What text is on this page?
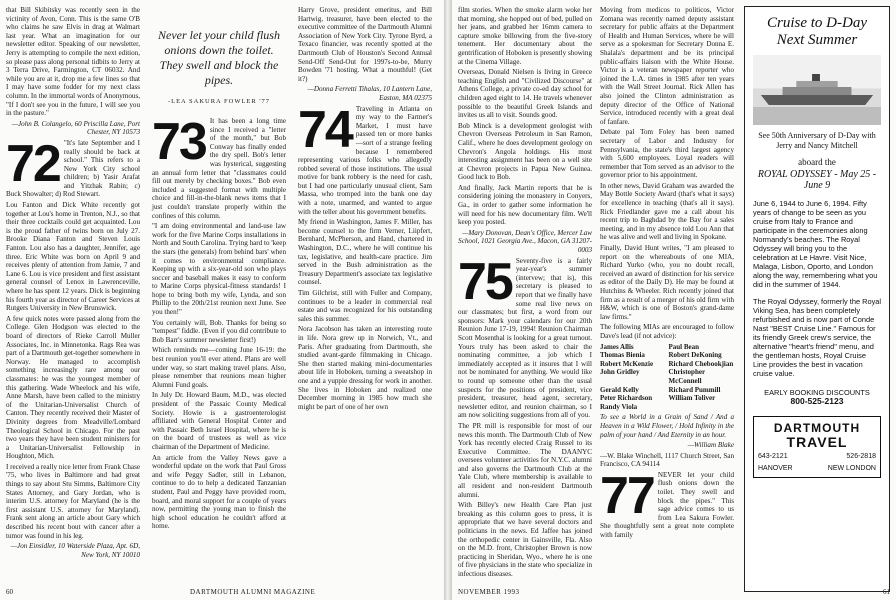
that Bill Skibitsky was recently seen in the victinity of Avon, Conn. This is the same O'B who claims he saw Elvis in drag at Walmart last year. What an imagination for our newsletter editor. Speaking of our newsletter, Jerry is attempting to compile the next edition, so please pass along personal tidbits to Jerry at 3 Terra Drive, Farmington, CT 06032. And while you are at it, drop me a few lines so that I may have some fodder for my next class column. In the immortal words of Anonymous, "If I don't see you in the future, I will see you in the pasture."

—John B. Colangelo, 60 Priscilla Lane, Port Chester, NY 10573

72 "It's late September and I really should be back at school." This refers to a New York City school children; b) Yasir Arafat and Yitzhak Rabin; c) Buck Showalter; d) Rod Stewart.

Lou Fanton and Dick White recently got together at Lou's home in Trenton, N.J., so that their three cocktails could get acquainted. Lou is the proud father of twins born on July 27. Brooke Diana Fanton and Steven Louis Fanton. Lou also has a daughter, Jennifer, age three. Eric White was born on April 9 and receives plenty of attention from Jamie, 7 and Lane 6. Lou is vice president and first assistant general counsel of Lenox in Lawrenceville, where he has spent 12 years. Dick is beginning his fourth year as director of Career Services at Rutgers University in New Brunswick.

A few quick notes were passed along from the College. Glen Hodgson was elected to the board of directors of Rieke Carroll Muller Associates, Inc. in Minnetonka. Rags Rea was part of a Dartmouth get-together somewhere in Norway. He managed to accomplish something increasingly rare among our classmates: he was the youngest member of this gathering. Wade Wheelock and his wife, Anne Marsh, have been called to the ministry of the Unitarian-Universalist Church of Canton. They recently received their Master of Divinity degrees from Meadville/Lombard Theological School in Chicago. For the past two years they have been student ministers for a Unitarian-Universalist Fellowship in Houghton, Mich.

I received a really nice letter from Frank Chase '75, who lives in Baltimore and had great things to say about Stu Simms, Baltimore City States Attorney, and Gary Jordan, who is interim U.S. attorney for Maryland (he is the first assistant U.S. attorney for Maryland). Frank sent along an article about Gary which described his recent bout with cancer after a tumor was found in his leg.

—Jon Einsidler, 10 Waterside Plaza, Apt. 6D, New York, NY 10010

Never let your child flush onions down the toilet. They swell and block the pipes.
-LEA SAKURA FOWLER '77
73 It has been a long time since I received a "letter of the month," but Bob Conway has finally ended the dry spell. Bob's letter was hysterical, suggesting an annual form letter that "classmates could fill out merely by checking boxes." Bob even included a suggested format with multiple choice and fill-in-the-blank news items that I just couldn't translate properly within the confines of this column.

"I am doing environmental and land-use law work for the five Marine Corps installations in North and South Carolina. Trying hard to 'keep the stars (the generals) from behind bars' when it comes to environmental compliance. Keeping up with a six-year-old son who plays soccer and baseball makes it easy to conform to Marine Corps physical-fitness standards! I hope to bring both my wife, Lynda, and son Phillip to the 20th/21st reunion next June. See you then!"

You certainly will, Bob. Thanks for being so "tempest" fiddle. (Even if you did contribute to Bob Barr's summer newsletter first!)

Which reminds me—coming June 16-19: the best reunion you'll ever attend. Plans are well under way, so start making travel plans. Also, please remember that reunions mean higher Alumni Fund goals.

In July Dr. Howard Baum, M.D., was elected president of the Passaic County Medical Society. Howie is a gastroenterologist affiliated with General Hospital Center and with Passaic Beth Israel Hospital, where he is on the board of trustees as well as vice chairman of the Department of Medicine.

An article from the Valley News gave a wonderful update on the work that Paul Gross and wife Peggy Sadler, still in Lebanon, continue to do to help a dedicated Tanzanian student, Paul and Peggy have provided room, board, and moral support for a couple of years now, permitting the young man to finish the high school education he couldn't afford at home.

Harry Grove, president emeritus, and Bill Hartwig, treasurer, have been elected to the executive committee of the Dartmouth Alumni Association of New York City. Tyrone Byrd, a Texaco financier, was recently spotted at the Dartmouth Club of Houston's Second Annual Send-Off Send-Out for 1997s-to-be, Murry Bowden '71 hosting. What a mouthful! (Get it?)

—Donna Ferretti Tihalas, 10 Lantern Lane, Easton, MA 02375

74 Traveling in Atlanta on my way to the Farmer's Market, I must have passed ten or more banks—sort of a strange feeling because I remembered representing various folks who allegedly robbed several of those institutions. The usual motive for bank robbery is the need for cash, but I had one particularly unusual client, Sam Massa, who tromped into the bank one day with a note, unarmed, and wanted to argue with the teller about his government benefits.

My friend in Washington, James F. Miller, has become counsel to the firm Verner, Liipfert, Bernhard, McPherson, and Hand, chartered in Washington, D.C., where he will continue his tax, legislative, and health-care practice. Jim served in the Bush administration as the Treasury Department's associate tax legislative counsel.

Tim Gilchrist, still with Fuller and Company, continues to be a leader in commercial real estate and was recognized for his outstanding sales this summer.

Nora Jacobson has taken an interesting route in life. Nora grew up in Norwich, Vt., and Paris. After graduating from Dartmouth, she studied avant-garde filmmaking in Chicago. She then started making mini-documentaries about life in Hoboken, turning a sweatshop in one and a yuppie dressing for work in another. She lives in Hoboken and realized one December morning in 1985 how much she might be part of one of her own

60	DARTMOUTH ALUMNI MAGAZINE

film stories. When the smoke alarm woke her that morning, she hopped out of bed, pulled on her jeans, and grabbed her 16mm camera to capture smoke billowing from the five-story tenement. Her documentary about the gentrification of Hoboken is presently showing at the Cinema Village.

Overseas, Donald Nielsen is living in Greece teaching English and "Civilized Discourse" at Athens College, a private co-ed day school for children aged eight to 14. He travels whenever possible to the beautiful Greek Islands and invites us all to visit. Sounds good.

Bob Minck is a development geologist with Chevron Overseas Petroleum in San Ramon, Calif., where he does development geology on Chevron's Angola holdings. His most interesting assignment has been on a well site at Chevron projects in Papua New Guinea. Good luck to Bob.

And finally, Jack Martin reports that he is considering joining the monastery in Conyers, Ga., in order to gather some information he will need for his new documentary film. We'll keep you posted.

—Mary Donovan, Dean's Office, Mercer Law School, 1021 Georgia Ave., Macon, GA 31207-0003

75 Seventy-five is a fairly year-year's summer (intervew; that is), this secretary is pleased to report that we finally have some real live news on our classmates; but first, a word from our sponsors: Mark your calendars for our 20th Reunion June 17-19, 1994! Reunion Chairman Scott Mosenthal is looking for a great turnout. Yours truly has been asked to chair the nominating committee, a job which I immediately accepted as it insures that I will not be nominated for anything. We would like to round up someone other than the usual suspects for the positions of president, vice president, treasurer, head agent, secretary, newsletter editor, and reunion chairman, so I am now soliciting suggestions from all of you.

The PR mill is responsible for most of our news this month. The Dartmouth Club of New York has recently elected Craig Russel to its Executive Committee. The DAANYC oversees volunteer activities for N.Y.C. alumni and also governs the Dartmouth Club at the Yale Club, where membership is available to all resident and non-resident Dartmouth alumni.

With Billey's new Health Care Plan just breaking as this column goes to press, it is appropriate that we have several doctors and politicians in the news. Ed Jaffee has joined the orthopedic center in Gainsville, Fla. Also on the M.D. front, Christopher Brown is now practicing in Sheridan, Wyo., where he is one of five physicians in the state who specialize in infectious diseases.

Moving from medicos to politicos, Victor Zomana was recently named deputy assistant secretary for public affairs at the Department of Health and Human Services, where he will serve as a spokesman for Secretary Donna E. Shalala's department and be its principal public-affairs liaison with the White House. Victor is a veteran newspaper reporter who joined the L.A. times in 1985 after ten years with the Wall Street Journal. Rick Allen has also joined the Clinton administration as deputy director of the Office of National Service, introduced recently with a great deal of fanfare.

Debate pal Tom Foley has been named secretary of Labor and Industry for Pennsylvania, the state's third largest agency with 5,600 employees. Loyal readers will remember that Tom served as an advisor to the governor prior to his appointment.

In other news, David Graham was awarded the May Bottle Society Award (that's what it says) for excellence in teaching (that's all it says). Rick Friedlander gave me a call about his recent trip to Baghdad by the Bay for a sales meeting, and in my absence told Lou Ann that he was alive and well and living in Spokane.

Finally, David Hunt writes, "I am pleased to report on the whereabouts of one MIA, Richard Yurko (who, you no doubt recall, received an award of distinction for his service as editor of the Daily D). He may be found at Hutchins & Wheeler. Rich recently joined that firm as a result of a merger of his old firm with H&W, which is one of Boston's grand-dame law firms."

The following MIAs are encouraged to follow Dave's lead (if not advice):

James Allis	Paul Bean
Thomas Bienia	Robert DeKoning
Robert McKenzie	Richard Chebookjian
John Gridley	Christopher McConnell
Gerald Kelly	Richard Pummill
Peter Richardson	William Toliver
Randy Viola

To see a World in a Grain of Sand / And a Heaven in a Wild Flower, / Hold Infinity in the palm of your hand / And Eternity in an hour.

—William Blake

—W. Blake Winchell, 1117 Church Street, San Francisco, CA 94114

77 NEVER let your child flush onions down the toilet. They swell and block the pipes." This sage advice comes to us from Lea Sakura Fowler. She thoughtfully sent a great note complete with family

Cruise to D-Day Next Summer
See 50th Anniversary of D-Day with Jerry and Nancy Mitchell
aboard the
ROYAL ODYSSEY - May 25 - June 9
June 6, 1944 to June 6, 1994. Fifty years of change to be seen as you cruise from Italy to France and participate in the ceremonies along Normandy's beaches. The Royal Odyssey will bring you to the celebration at Le Havre. Visit Nice, Malaga, Lisbon, Oporto, and London along the way, remembering what you did in the summer of 1944.
The Royal Odyssey, formerly the Royal Viking Sea, has been completely refurbished and is now part of Conde Nast "BEST Cruise Line." Famous for its friendly Greek crew's service, the alternative "heart's friend" menu, and the gentleman hosts, Royal Cruise Line provides the best in vacation cruise value.
EARLY BOOKING DISCOUNTS
800-525-2123
DARTMOUTH
TRAVEL
643-2121	526-2818
HANOVER	NEW LONDON
NOVEMBER 1993	61
